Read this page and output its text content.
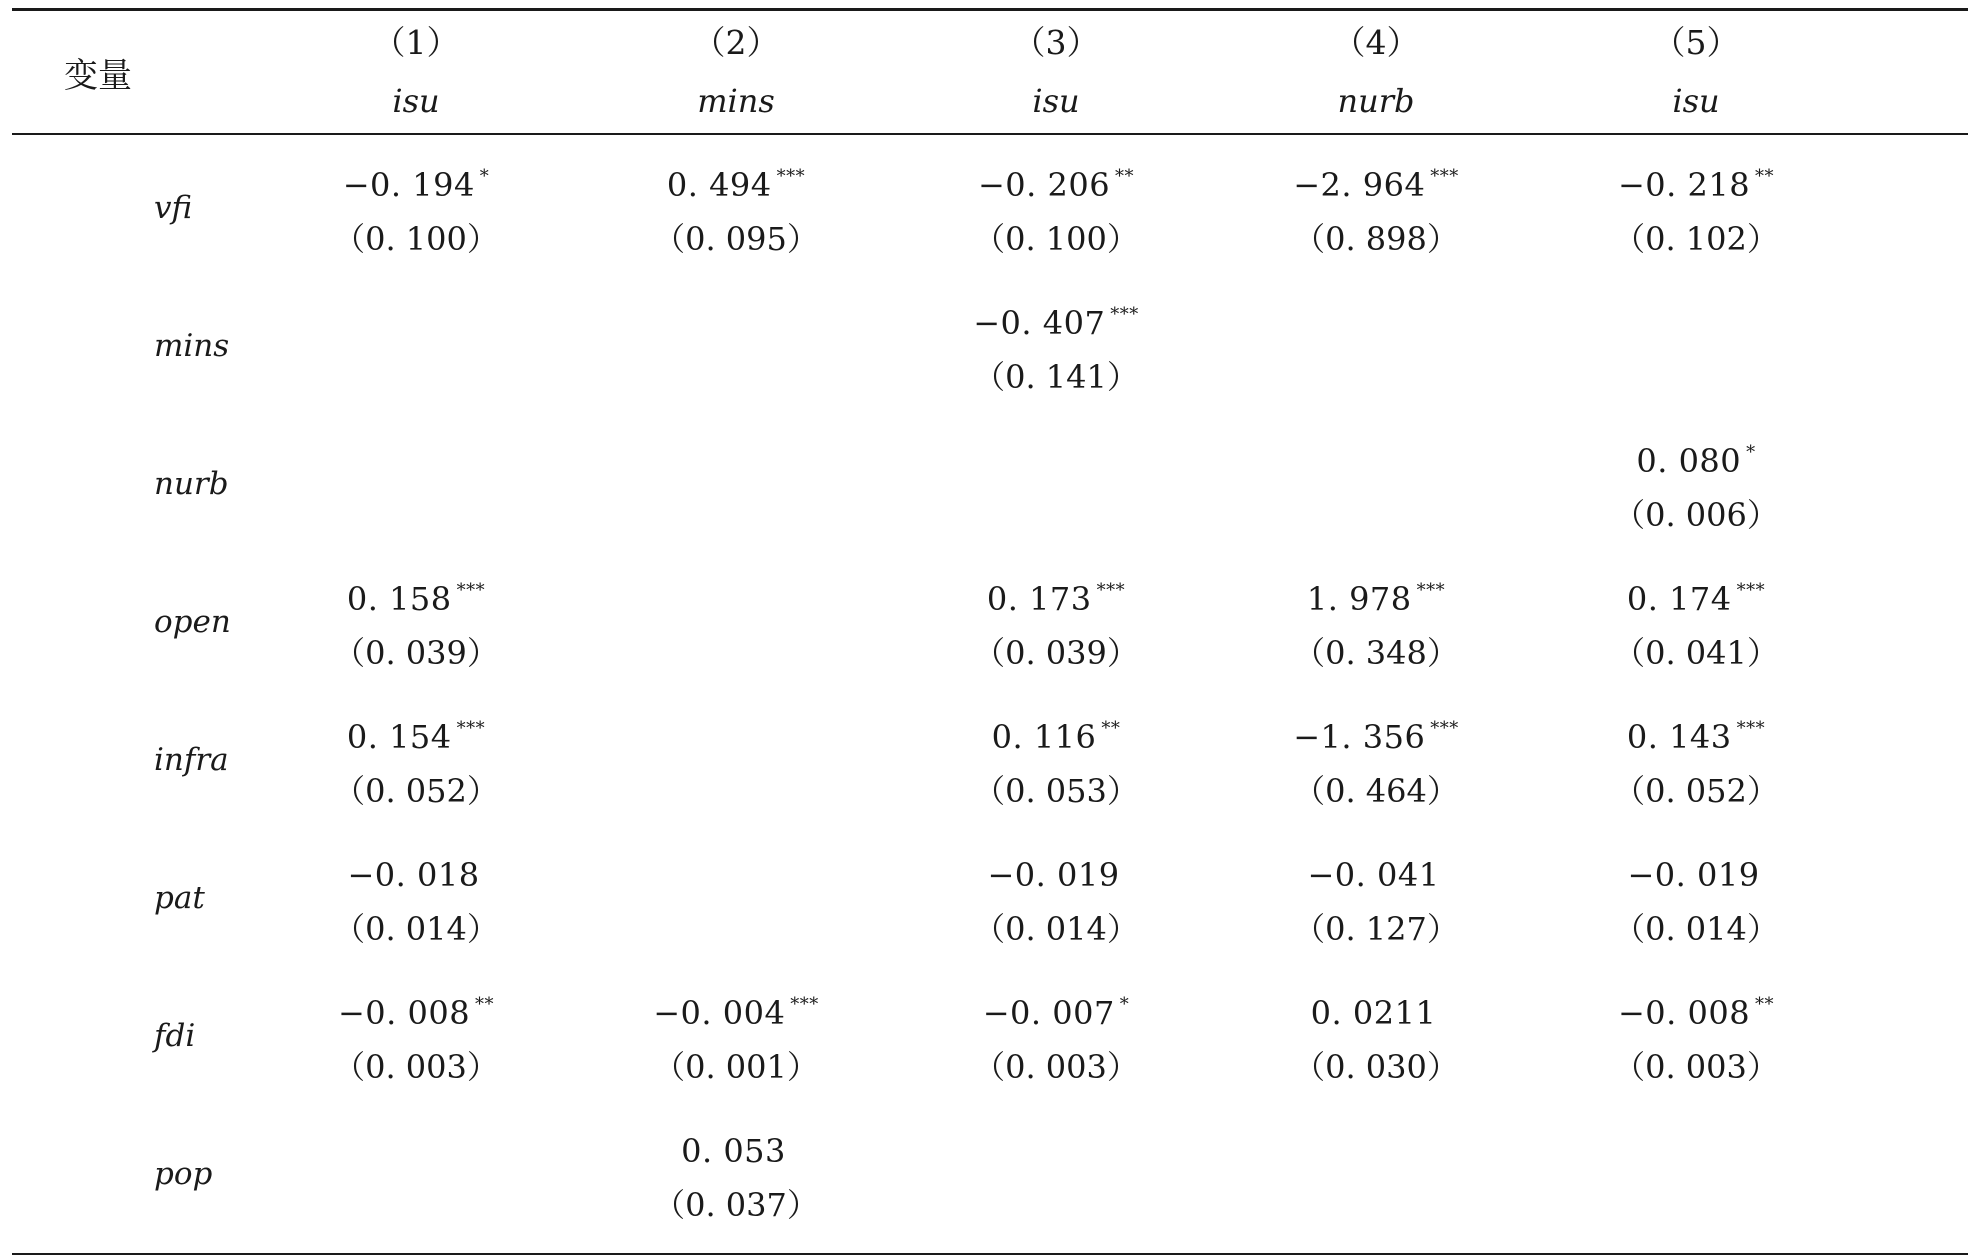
变量
（1）
isu
（2）
mins
（3）
isu
（4）
nurb
（5）
isu
vfi
−0. 194 *
（0. 100）
0. 494 ***
（0. 095）
−0. 206 **
（0. 100）
−2. 964 ***
（0. 898）
−0. 218 **
（0. 102）
mins
−0. 407 ***
（0. 141）
nurb
0. 080 *
（0. 006）
open
0. 158 ***
（0. 039）
0. 173 ***
（0. 039）
1. 978 ***
（0. 348）
0. 174 ***
（0. 041）
infra
0. 154 ***
（0. 052）
0. 116 **
（0. 053）
−1. 356 ***
（0. 464）
0. 143 ***
（0. 052）
pat
−0. 018
（0. 014）
−0. 019
（0. 014）
−0. 041
（0. 127）
−0. 019
（0. 014）
fdi
−0. 008 **
（0. 003）
−0. 004 ***
（0. 001）
−0. 007 *
（0. 003）
0. 0211
（0. 030）
−0. 008 **
（0. 003）
pop
0. 053
（0. 037）
